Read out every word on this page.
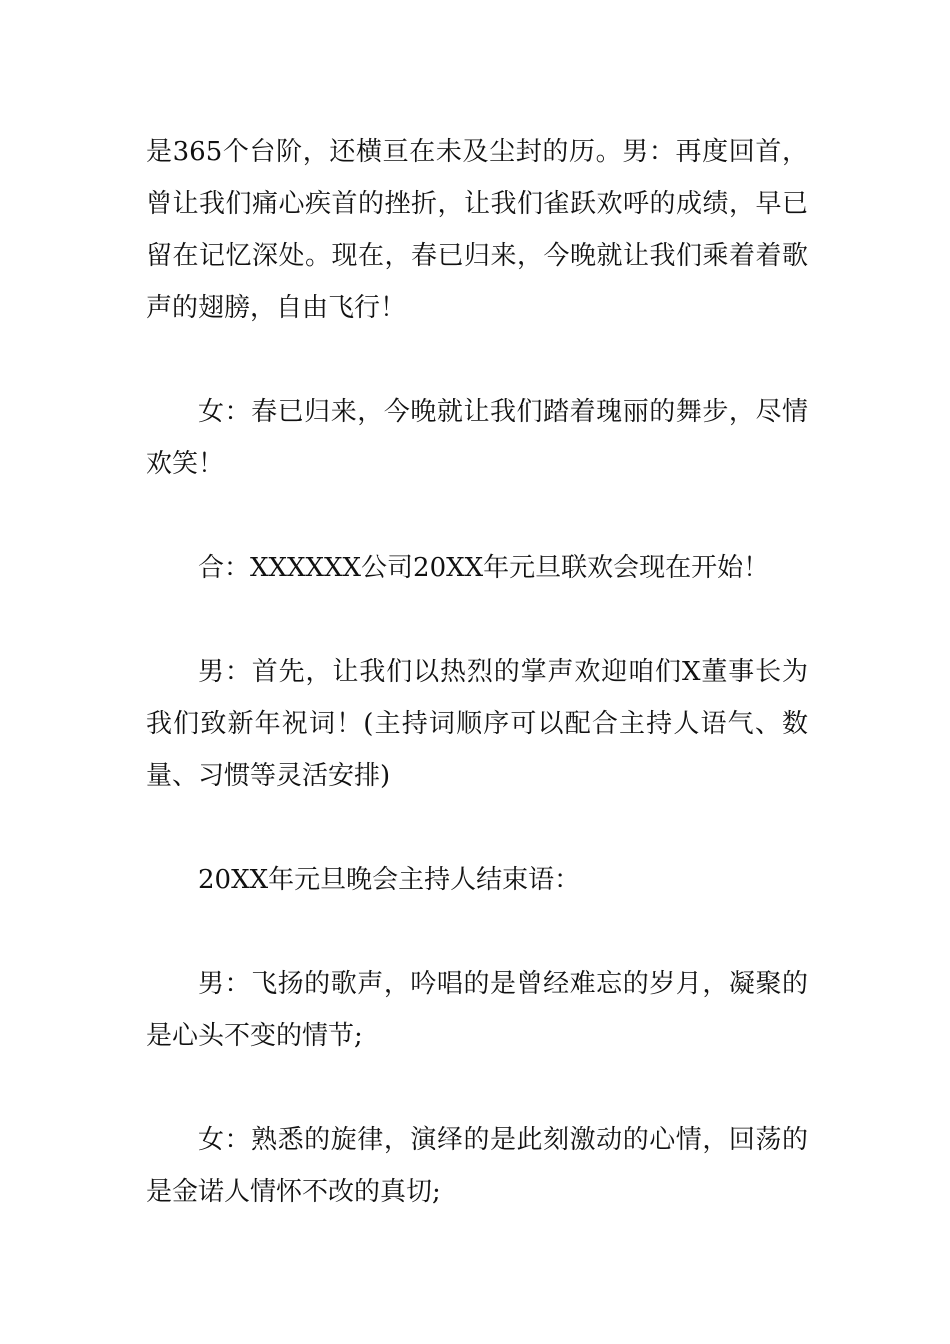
是365个台阶，还横亘在未及尘封的历。男：再度回首，曾让我们痛心疾首的挫折，让我们雀跃欢呼的成绩，早已留在记忆深处。现在，春已归来，今晚就让我们乘着着歌声的翅膀，自由飞行！

女：春已归来，今晚就让我们踏着瑰丽的舞步，尽情欢笑！

合：XXXXXX公司20XX年元旦联欢会现在开始！

男：首先，让我们以热烈的掌声欢迎咱们X董事长为我们致新年祝词！(主持词顺序可以配合主持人语气、数量、习惯等灵活安排)

20XX年元旦晚会主持人结束语：

男：飞扬的歌声，吟唱的是曾经难忘的岁月，凝聚的是心头不变的情节;

女：熟悉的旋律，演绎的是此刻激动的心情，回荡的是金诺人情怀不改的真切;
